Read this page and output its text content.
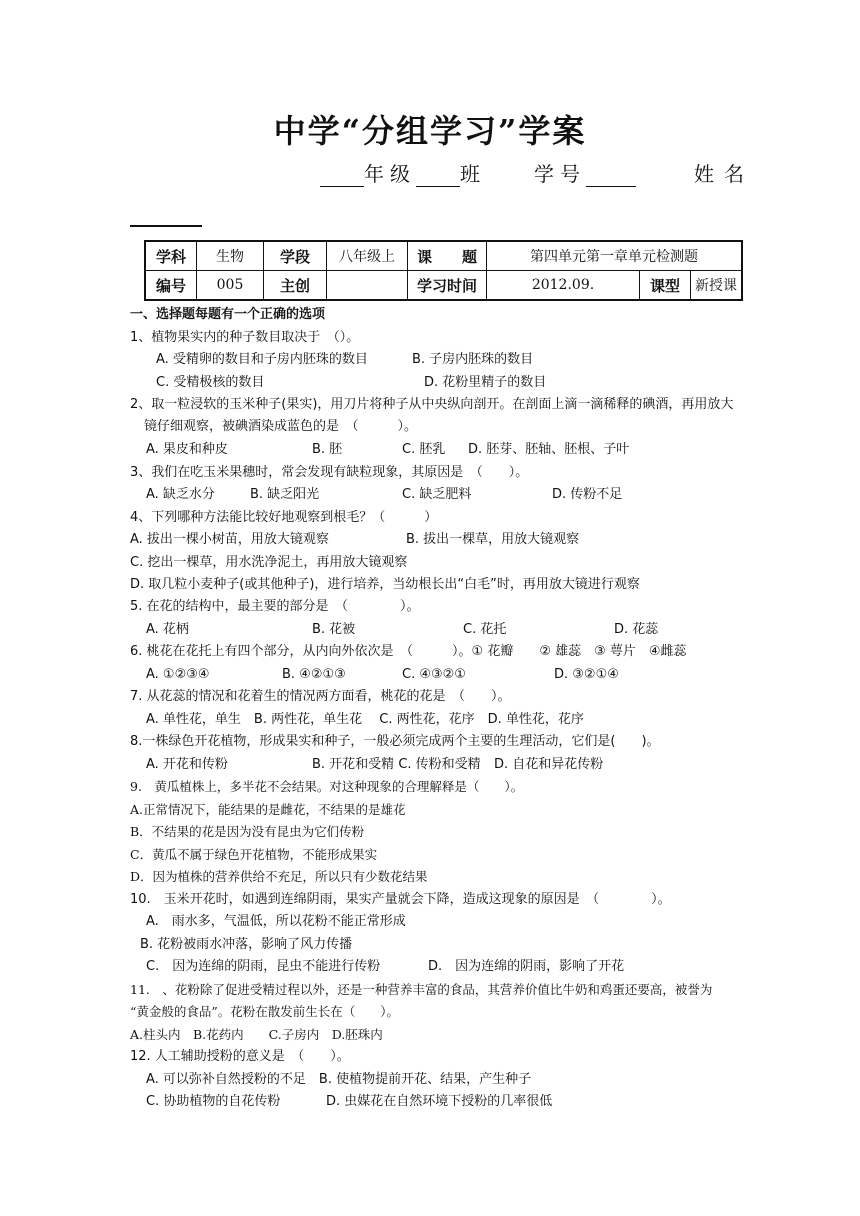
中学“分组学习”学案
年级 班 学号	姓名
学科	生物	学段	八年级上	课　　题	第四单元第一章单元检测题		
编号	005	主创		学习时间	2012.09.	课型	新授课
一、选择题每题有一个正确的选项
1、植物果实内的种子数目取决于　（）。
A. 受精卵的数目和子房内胚珠的数目	B. 子房内胚珠的数目
C. 受精极核的数目	D. 花粉里精子的数目
2、取一粒浸软的玉米种子(果实)，用刀片将种子从中央纵向剖开。在剖面上滴一滴稀释的碘酒，再用放大
镜仔细观察，被碘酒染成蓝色的是　（　　　）。
A. 果皮和种皮	B. 胚	C. 胚乳 D. 胚芽、胚轴、胚根、子叶
3、我们在吃玉米果穗时，常会发现有缺粒现象，其原因是　（　　）。
A. 缺乏水分	B. 缺乏阳光	C. 缺乏肥料	D. 传粉不足
4、下列哪种方法能比较好地观察到根毛？（　　　）
A. 拔出一棵小树苗，用放大镜观察	B. 拔出一棵草，用放大镜观察
C. 挖出一棵草，用水洗净泥土，再用放大镜观察
D. 取几粒小麦种子(或其他种子)，进行培养，当幼根长出“白毛”时，再用放大镜进行观察
5. 在花的结构中，最主要的部分是　（　　　　）。
A. 花柄	B. 花被	C. 花托	D. 花蕊
6. 桃花在花托上有四个部分，从内向外依次是　（　　　）。① 花瓣　　② 雄蕊　③ 萼片　④雌蕊
A. ①②③④	B. ④②①③	C. ④③②①	D. ③②①④
7. 从花蕊的情况和花着生的情况两方面看，桃花的花是　（　　）。
A. 单性花，单生　B. 两性花，单生花　 C. 两性花，花序　D. 单性花，花序
8.一株绿色开花植物，形成果实和种子，一般必须完成两个主要的生理活动，它们是(　　)。
A. 开花和传粉	B. 开花和受精 C. 传粉和受精 D. 自花和异花传粉
9.　黄瓜植株上，多半花不会结果。对这种现象的合理解释是（　　）。
A.正常情况下，能结果的是雌花，不结果的是雄花
B．不结果的花是因为没有昆虫为它们传粉
C．黄瓜不属于绿色开花植物，不能形成果实
D．因为植株的营养供给不充足，所以只有少数花结果
10.　玉米开花时，如遇到连绵阴雨，果实产量就会下降，造成这现象的原因是　（　　　　）。
A.　雨水多，气温低，所以花粉不能正常形成
B. 花粉被雨水冲落，影响了风力传播
C.　因为连绵的阴雨，昆虫不能进行传粉	D.　因为连绵的阴雨，影响了开花
11.　、花粉除了促进受精过程以外，还是一种营养丰富的食品，其营养价值比牛奶和鸡蛋还要高，被誉为
“黄金般的食品”。花粉在散发前生长在（　　）。
A.柱头内　B.花药内　　C.子房内　D.胚珠内
12. 人工辅助授粉的意义是　（　　）。
A. 可以弥补自然授粉的不足　B. 使植物提前开花、结果，产生种子
C. 协助植物的自花传粉	D. 虫媒花在自然环境下授粉的几率很低
